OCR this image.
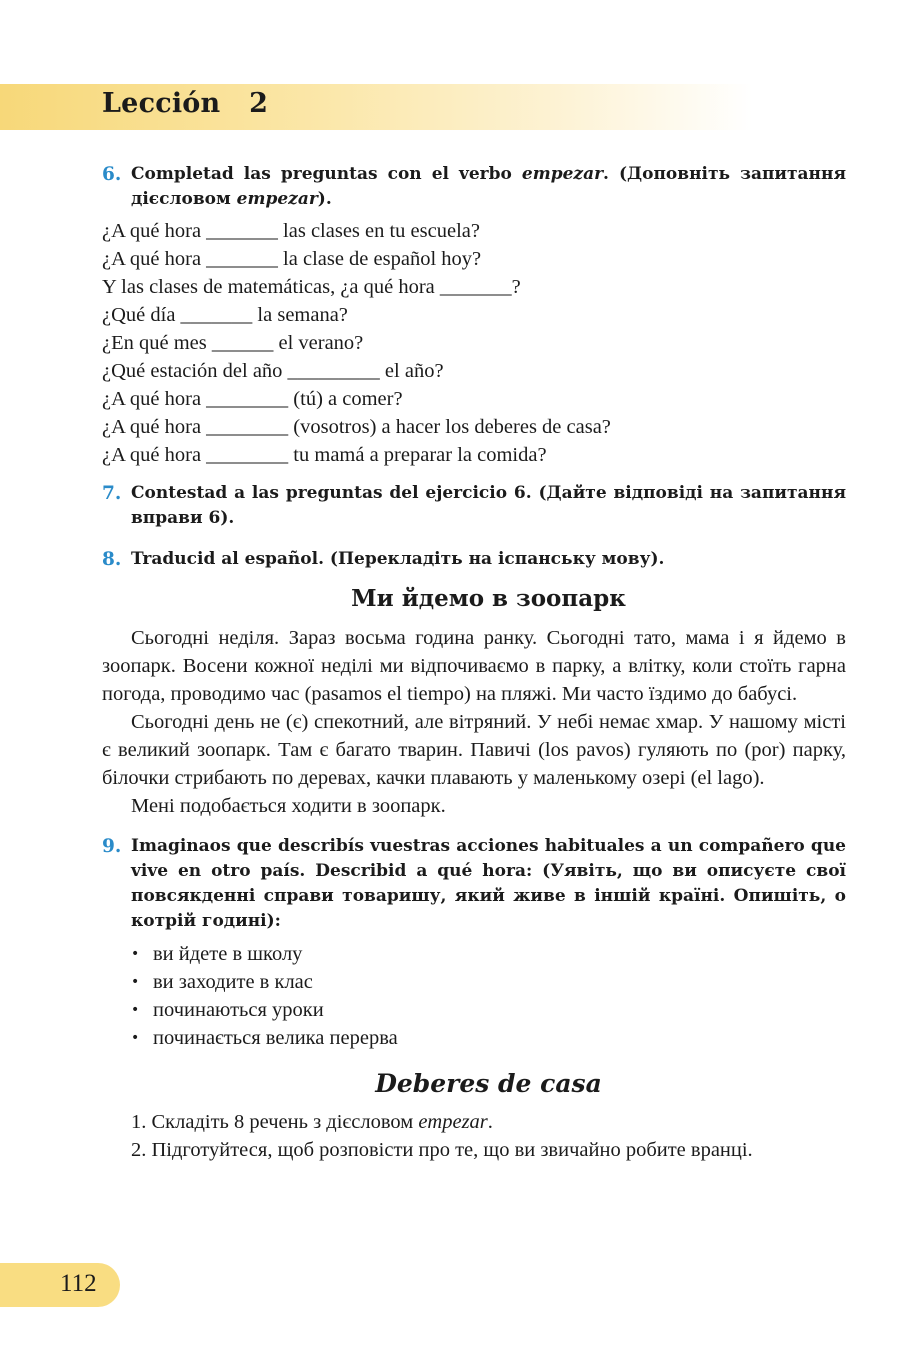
Lección   2
6. Completad las preguntas con el verbo empezar. (Доповніть запитання дієсловом empezar).
¿A qué hora _______ las clases en tu escuela?
¿A qué hora _______ la clase de español hoy?
Y las clases de matemáticas, ¿a qué hora _______?
¿Qué día _______ la semana?
¿En qué mes ______ el verano?
¿Qué estación del año _________ el año?
¿A qué hora ________ (tú) a comer?
¿A qué hora ________ (vosotros) a hacer los deberes de casa?
¿A qué hora ________ tu mamá a preparar la comida?
7. Contestad a las preguntas del ejercicio 6. (Дайте відповіді на запитання вправи 6).
8. Traducid al español. (Перекладіть на іспанську мову).
Ми йдемо в зоопарк

Сьогодні неділя. Зараз восьма година ранку. Сьогодні тато, мама і я йдемо в зоопарк. Восени кожної неділі ми відпочиваємо в парку, а влітку, коли стоїть гарна погода, проводимо час (pasamos el tiempo) на пляжі. Ми часто їздимо до бабусі.

Сьогодні день не (є) спекотний, але вітряний. У небі немає хмар. У нашому місті є великий зоопарк. Там є багато тварин. Павичі (los pavos) гуляють по (por) парку, білочки стрибають по деревах, качки плавають у маленькому озері (el lago).

Мені подобається ходити в зоопарк.

9. Imaginaos que describís vuestras acciones habituales a un compañero que vive en otro país. Describid a qué hora: (Уявіть, що ви описуєте свої повсякденні справи товаришу, який живе в іншій країні. Опишіть, о котрій годині):
• ви йдете в школу
• ви заходите в клас
• починаються уроки
• починається велика перерва
Deberes de casa
1. Складіть 8 речень з дієсловом empezar.
2. Підготуйтеся, щоб розповісти про те, що ви звичайно робите вранці.
112
